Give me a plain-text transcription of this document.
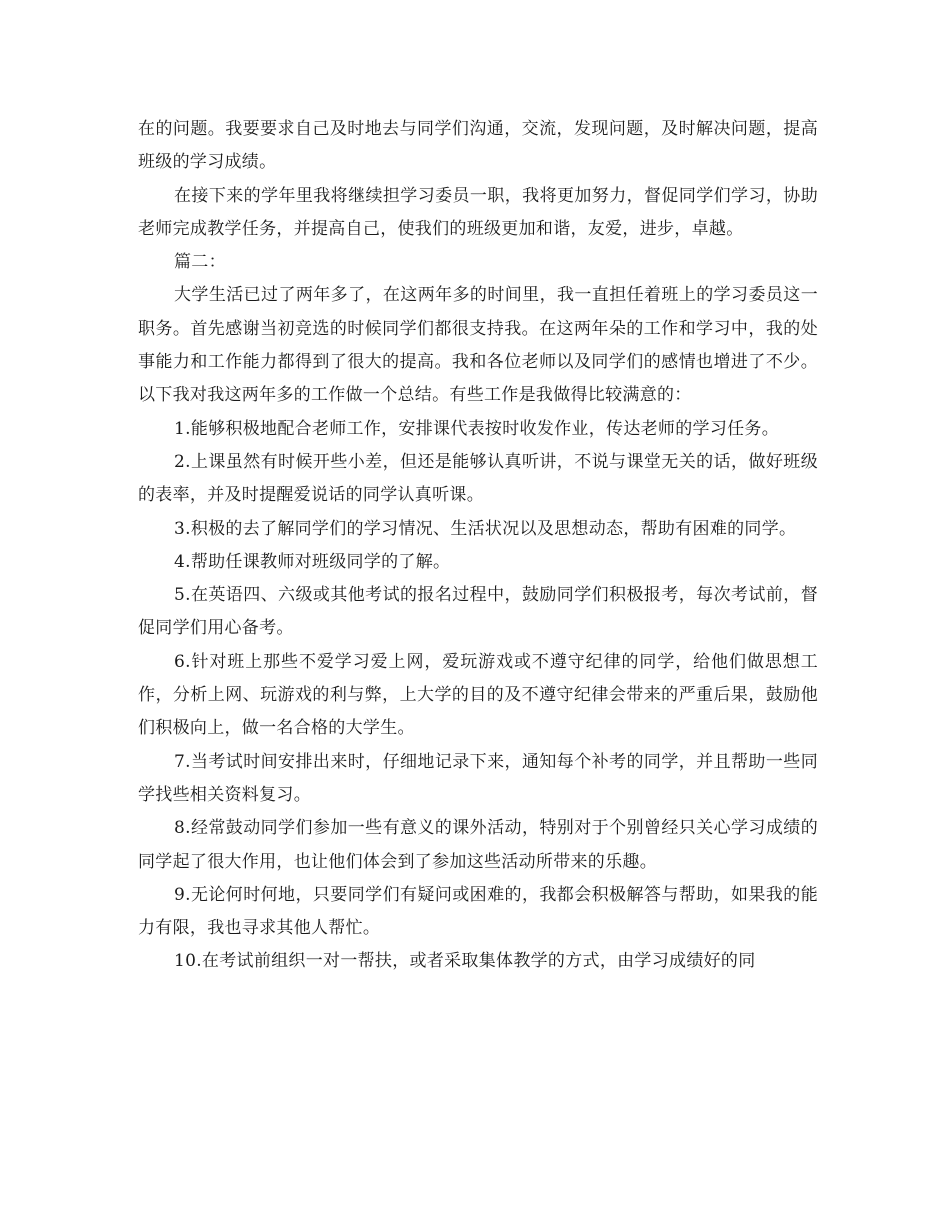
在的问题。我要要求自己及时地去与同学们沟通，交流，发现问题，及时解决问题，提高班级的学习成绩。

在接下来的学年里我将继续担学习委员一职，我将更加努力，督促同学们学习，协助老师完成教学任务，并提高自己，使我们的班级更加和谐，友爱，进步，卓越。

篇二：

大学生活已过了两年多了，在这两年多的时间里，我一直担任着班上的学习委员这一职务。首先感谢当初竞选的时候同学们都很支持我。在这两年朵的工作和学习中，我的处事能力和工作能力都得到了很大的提高。我和各位老师以及同学们的感情也增进了不少。以下我对我这两年多的工作做一个总结。有些工作是我做得比较满意的：

1.能够积极地配合老师工作，安排课代表按时收发作业，传达老师的学习任务。

2.上课虽然有时候开些小差，但还是能够认真听讲，不说与课堂无关的话，做好班级的表率，并及时提醒爱说话的同学认真听课。

3.积极的去了解同学们的学习情况、生活状况以及思想动态，帮助有困难的同学。

4.帮助任课教师对班级同学的了解。

5.在英语四、六级或其他考试的报名过程中，鼓励同学们积极报考，每次考试前，督促同学们用心备考。

6.针对班上那些不爱学习爱上网，爱玩游戏或不遵守纪律的同学，给他们做思想工作，分析上网、玩游戏的利与弊，上大学的目的及不遵守纪律会带来的严重后果，鼓励他们积极向上，做一名合格的大学生。

7.当考试时间安排出来时，仔细地记录下来，通知每个补考的同学，并且帮助一些同学找些相关资料复习。

8.经常鼓动同学们参加一些有意义的课外活动，特别对于个别曾经只关心学习成绩的同学起了很大作用，也让他们体会到了参加这些活动所带来的乐趣。

9.无论何时何地，只要同学们有疑问或困难的，我都会积极解答与帮助，如果我的能力有限，我也寻求其他人帮忙。

10.在考试前组织一对一帮扶，或者采取集体教学的方式，由学习成绩好的同
